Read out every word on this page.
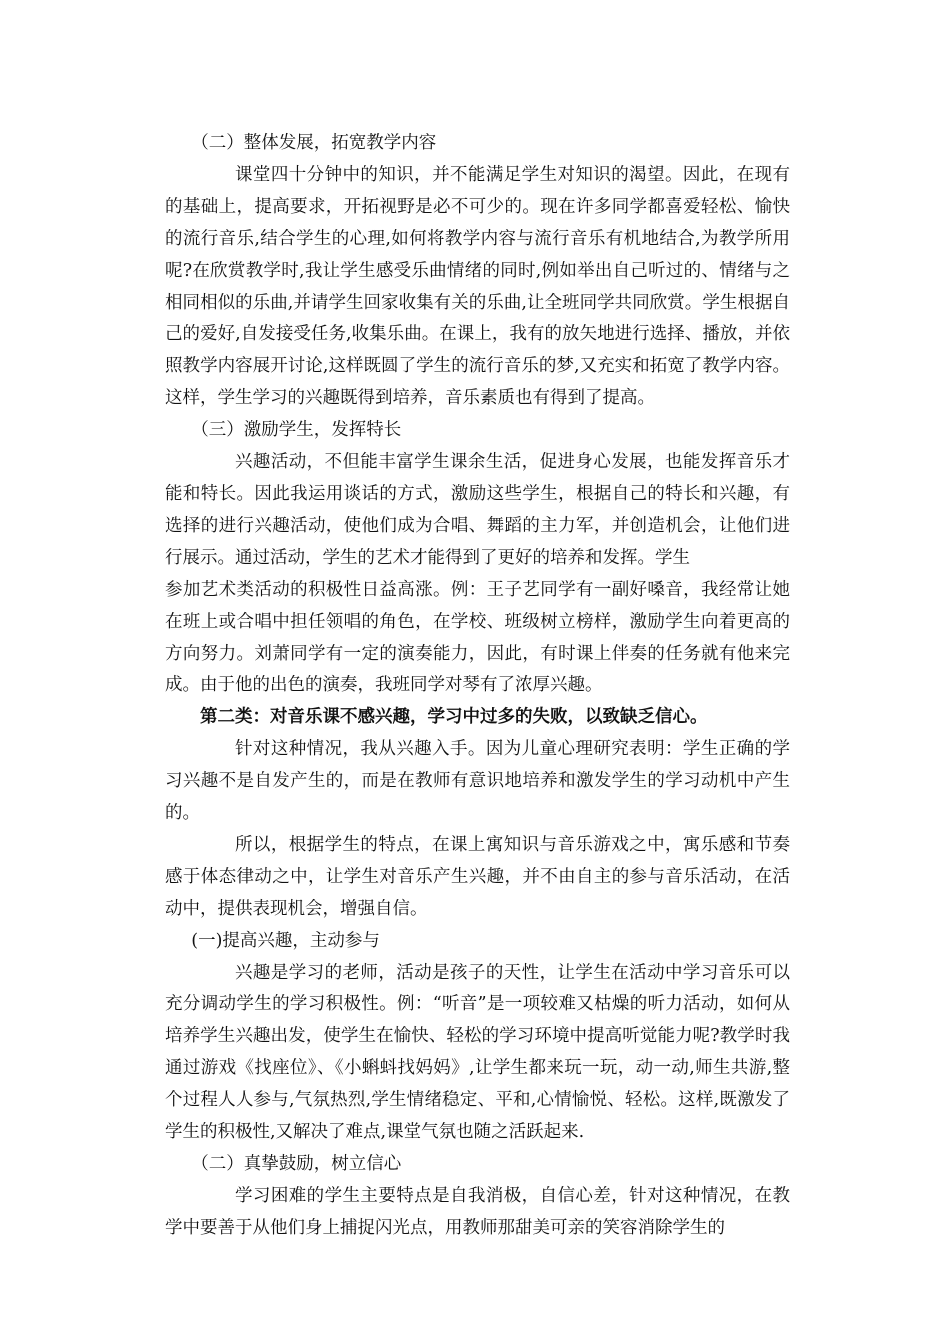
（二）整体发展，拓宽教学内容

课堂四十分钟中的知识，并不能满足学生对知识的渴望。因此，在现有的基础上，提高要求，开拓视野是必不可少的。现在许多同学都喜爱轻松、愉快的流行音乐,结合学生的心理,如何将教学内容与流行音乐有机地结合,为教学所用呢?在欣赏教学时,我让学生感受乐曲情绪的同时,例如举出自己听过的、情绪与之相同相似的乐曲,并请学生回家收集有关的乐曲,让全班同学共同欣赏。学生根据自己的爱好,自发接受任务,收集乐曲。在课上，我有的放矢地进行选择、播放，并依照教学内容展开讨论,这样既圆了学生的流行音乐的梦,又充实和拓宽了教学内容。这样，学生学习的兴趣既得到培养，音乐素质也有得到了提高。

（三）激励学生，发挥特长

兴趣活动，不但能丰富学生课余生活，促进身心发展，也能发挥音乐才能和特长。因此我运用谈话的方式，激励这些学生，根据自己的特长和兴趣，有选择的进行兴趣活动，使他们成为合唱、舞蹈的主力军，并创造机会，让他们进行展示。通过活动，学生的艺术才能得到了更好的培养和发挥。学生

参加艺术类活动的积极性日益高涨。例：王子艺同学有一副好嗓音，我经常让她在班上或合唱中担任领唱的角色，在学校、班级树立榜样，激励学生向着更高的方向努力。刘萧同学有一定的演奏能力，因此，有时课上伴奏的任务就有他来完成。由于他的出色的演奏，我班同学对琴有了浓厚兴趣。

第二类：对音乐课不感兴趣，学习中过多的失败，以致缺乏信心。

针对这种情况，我从兴趣入手。因为儿童心理研究表明：学生正确的学习兴趣不是自发产生的，而是在教师有意识地培养和激发学生的学习动机中产生的。

所以，根据学生的特点，在课上寓知识与音乐游戏之中，寓乐感和节奏感于体态律动之中，让学生对音乐产生兴趣，并不由自主的参与音乐活动，在活动中，提供表现机会，增强自信。

(一)提高兴趣，主动参与

兴趣是学习的老师，活动是孩子的天性，让学生在活动中学习音乐可以充分调动学生的学习积极性。例：“听音”是一项较难又枯燥的听力活动，如何从培养学生兴趣出发，使学生在愉快、轻松的学习环境中提高听觉能力呢?教学时我通过游戏《找座位》、《小蝌蚪找妈妈》,让学生都来玩一玩，动一动,师生共游,整个过程人人参与,气氛热烈,学生情绪稳定、平和,心情愉悦、轻松。这样,既激发了学生的积极性,又解决了难点,课堂气氛也随之活跃起来.

（二）真挚鼓励，树立信心

学习困难的学生主要特点是自我消极，自信心差，针对这种情况，在教学中要善于从他们身上捕捉闪光点，用教师那甜美可亲的笑容消除学生的
